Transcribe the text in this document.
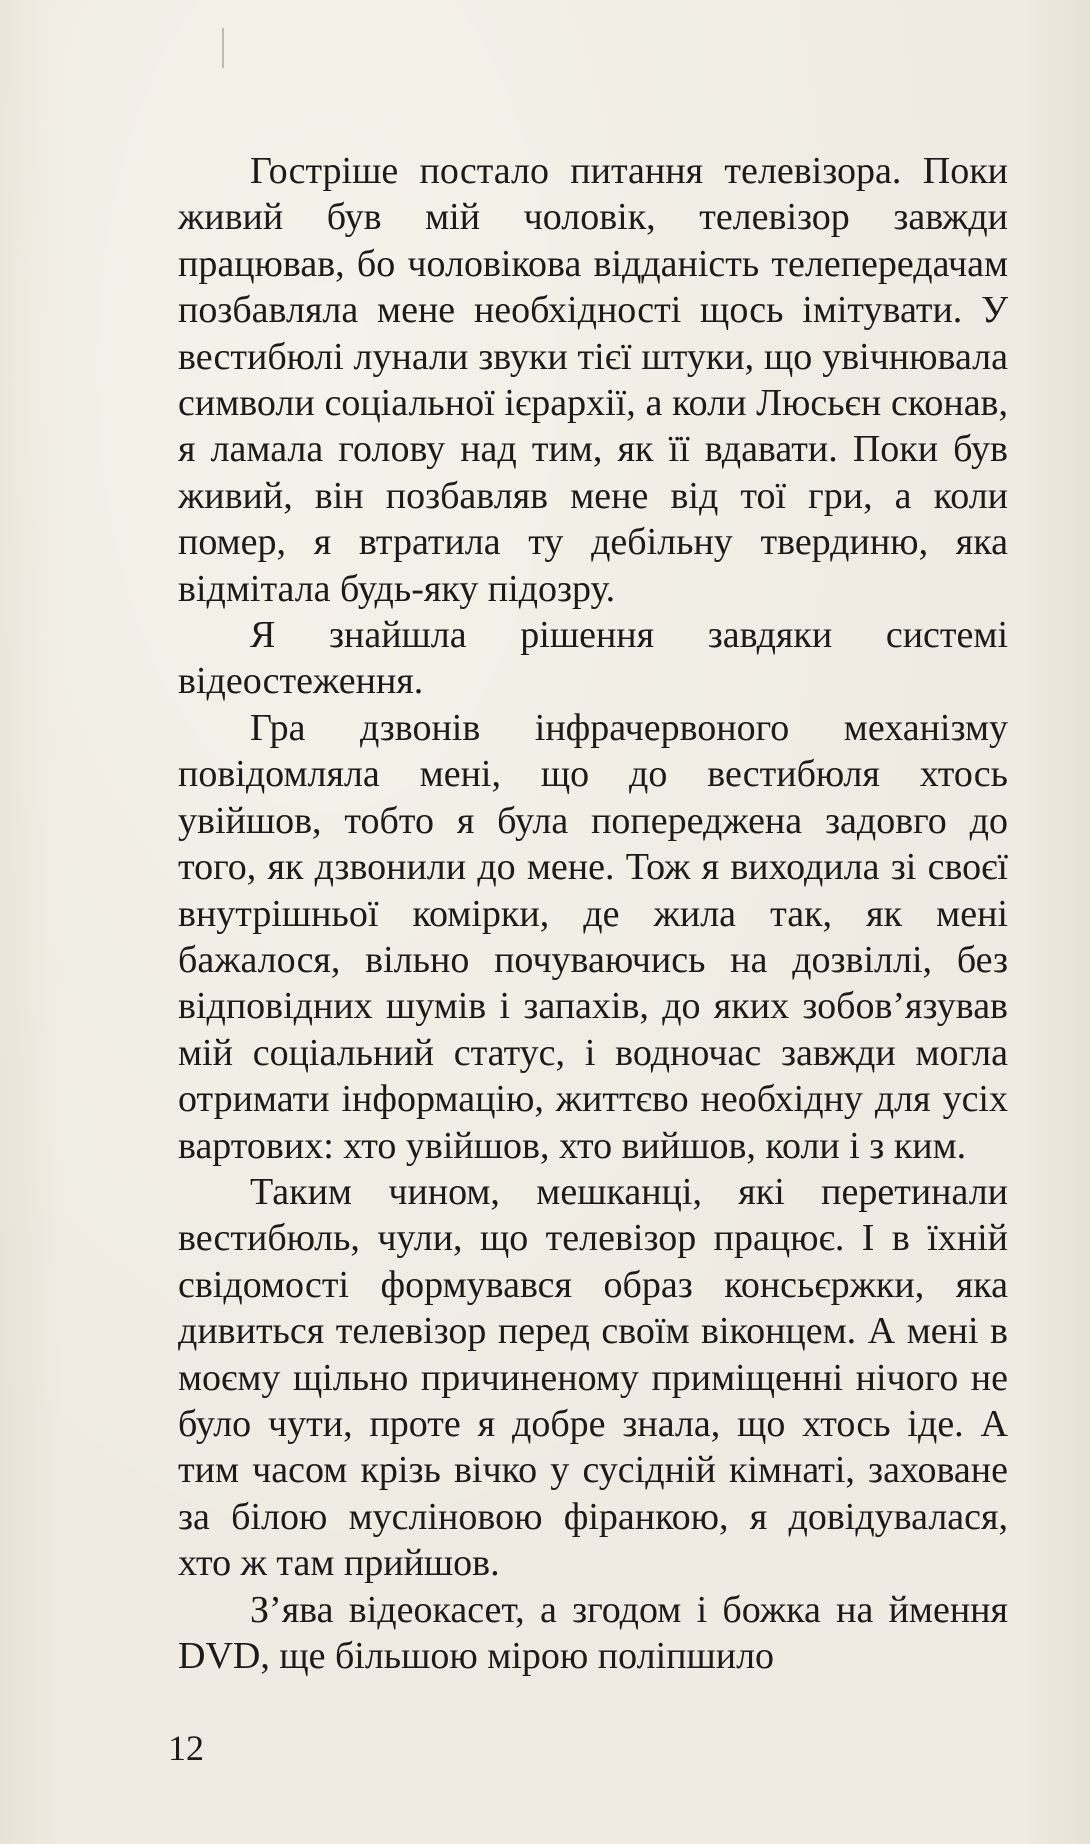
Гостріше постало питання телевізора. Поки живий був мій чоловік, телевізор завжди працював, бо чоловікова відданість телепередачам позбавляла мене необхідності щось імітувати. У вестибюлі лунали звуки тієї штуки, що увічнювала символи соціальної ієрархії, а коли Люсьєн сконав, я ламала голову над тим, як її вдавати. Поки був живий, він позбавляв мене від тої гри, а коли помер, я втратила ту дебільну твердиню, яка відмітала будь-яку підозру.

Я знайшла рішення завдяки системі відеостеження.

Гра дзвонів інфрачервоного механізму повідомляла мені, що до вестибюля хтось увійшов, тобто я була попереджена задовго до того, як дзвонили до мене. Тож я виходила зі своєї внутрішньої комірки, де жила так, як мені бажалося, вільно почуваючись на дозвіллі, без відповідних шумів і запахів, до яких зобов’язував мій соціальний статус, і водночас завжди могла отримати інформацію, життєво необхідну для усіх вартових: хто увійшов, хто вийшов, коли і з ким.

Таким чином, мешканці, які перетинали вестибюль, чули, що телевізор працює. І в їхній свідомості формувався образ консьєржки, яка дивиться телевізор перед своїм віконцем. А мені в моєму щільно причиненому приміщенні нічого не було чути, проте я добре знала, що хтось іде. А тим часом крізь вічко у сусідній кімнаті, заховане за білою мусліновою фіранкою, я довідувалася, хто ж там прийшов.

З’ява відеокасет, а згодом і божка на ймення DVD, ще більшою мірою поліпшило

12
